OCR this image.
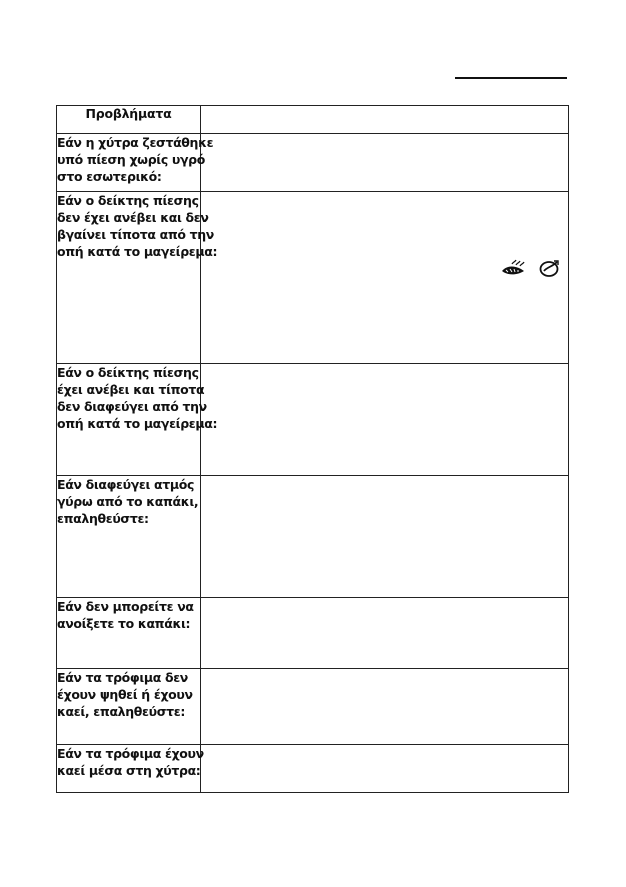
Προβλήματα	

Εάν η χύτρα ζεστάθηκε
υπό πίεση χωρίς υγρό
στο εσωτερικό:	

Εάν ο δείκτης πίεσης
δεν έχει ανέβει και δεν
βγαίνει τίποτα από την
οπή κατά το μαγείρεμα:

Εάν ο δείκτης πίεσης
έχει ανέβει και τίποτα
δεν διαφεύγει από την
οπή κατά το μαγείρεμα:	

Εάν διαφεύγει ατμός
γύρω από το καπάκι,
επαληθεύστε:	

Εάν δεν μπορείτε να
ανοίξετε το καπάκι:	

Εάν τα τρόφιμα δεν
έχουν ψηθεί ή έχουν
καεί, επαληθεύστε:	

Εάν τα τρόφιμα έχουν
καεί μέσα στη χύτρα:	
